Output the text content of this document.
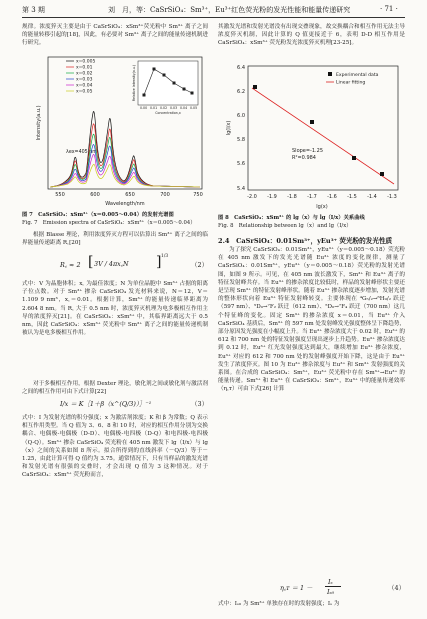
第 3 期	刘　月，等：CaSrSiO₄：Sm³⁺，Eu³⁺红色荧光粉的发光性能和能量传递研究	· 71 ·
规律。浓度猝灭主要是由于 CaSrSiO₄：xSm³⁺荧光粉中 Sm³⁺ 离子之间的能量转移引起的[18]，因此，有必要对 Sm³⁺ 离子之间的能量传递机制进行研究。
550	600	650	700	750
Wavelength/nm
Intensity(a.u.)
λex=405 nm
x=0.005
x=0.01
x=0.02
x=0.03
x=0.04
x=0.05
0.00 0.01 0.02 0.03 0.04 0.05
Concentration,x
Relative Intensity(a.u.)
图 7　CaSrSiO₄：xSm³⁺（x＝0.005～0.04）的发射光谱图
Fig. 7　Emission spectra of CaSrSiO₄：xSm³⁺（x＝0.005～0.04）
根据 Blasse 理论，利用浓度猝灭方程可以估算出 Sm³⁺ 离子之间的临界能量传递距离 R꜀[20]
R꜀ ≈ 2 [ 3V / 4πx꜀N ] 1/3
（2）
式中：V 为晶胞体积；x꜀ 为最佳浓度；N 为单位晶胞中 Sm³⁺ 占据的阳离子位点数。对于 Sm³⁺ 掺杂 CaSrSiO₄ 发光材料来说，N＝12，V＝1.109 9 nm³，x꜀＝0.01。根据计算，Sm³⁺ 的能量传递临界距离为 2.604 8 nm。当 R꜀ 大于 0.5 nm 时，浓度猝灭机理为电多极相互作用主导的浓度猝灭[21]。在 CaSrSiO₄：xSm³⁺ 中，其临界距离远大于 0.5 nm，因此 CaSrSiO₄：xSm³⁺ 荧光粉中 Sm³⁺ 离子之间的能量传递机制被认为是电多极相互作用。
对于多极相互作用，根据 Dexter 理论，敏化剂之间或敏化剂与激活剂之间的相互作用可由下式计算[22]
I/x ＝ K［1＋β（x^(Q/3)）］⁻¹	（3）
式中：I 为发射光谱的积分强度；x 为激活剂浓度；K 和 β 为常数；Q 表示相互作用类型。当 Q 值为 3、6、8 和 10 时，对应的相互作用分别为交换耦合、电偶极-电偶极（D-D）、电偶极-电四极（D-Q）和电四极-电四极（Q-Q）。Sm³⁺ 掺杂 CaSrSiO₄ 荧光粉在 405 nm 激发下 lg（I/x）与 lg（x）之间的关系如图 8 所示。拟合所得到的直线斜率（－Q/3）等于－1.25，由此计算可得 Q 值约为 3.75。通常情况下，只有当样品的激发光谱和发射光谱有很强的交叠时，才会出现 Q 值为 3 这种情况。对于 CaSrSiO₄：xSm³⁺ 荧光粉而言，
其激发光谱和发射光谱没有出现交叠现象，故交换耦合和相互作用无法主导浓度猝灭机制，因此计算的 Q 值更接近于 6，表明 D-D 相互作用是 CaSrSiO₄：xSm³⁺ 荧光粉发光浓度猝灭机理[23-25]。
5.4
5.6
5.8
6.0
6.2
6.4
-2.0 -1.9 -1.8 -1.7 -1.6 -1.5 -1.4 -1.3
lg(x)
lg(I/x)
Slope=-1.25
R²=0.984
Experimental data
Linear fitting
图 8　CaSrSiO₄：xSm³⁺ 的 lg（x）与 lg（I/x）关系曲线
Fig. 8　Relationship between lg（x）and lg（I/x）
2.4　CaSrSiO₄：0.01Sm³⁺，yEu³⁺ 荧光粉的发光性质
为了探究 CaSrSiO₄：0.01Sm³⁺，yEu³⁺（y＝0.005～0.18）荧光粉在 405 nm 激发下的发光光谱随 Eu³⁺ 浓度的变化规律，测量了 CaSrSiO₄：0.01Sm³⁺，yEu³⁺（y＝0.005～0.18）荧光粉的发射光谱图，如图 9 所示。可见，在 405 nm 波长激发下，Sm³⁺ 和 Eu³⁺ 离子的特征发射峰共存。当 Eu³⁺ 的掺杂浓度比较低时，样品的发射峰形状主要还是呈现 Sm³⁺ 的特征发射峰形状。随着 Eu³⁺ 掺杂浓度逐步增加，发射光谱的整体形状向着 Eu³⁺ 特征发射峰转变。主要体现在 ⁴G₅/₂→⁶H₉/₂ 跃迁（597 nm）、⁵D₀→⁷F₂ 跃迁（612 nm）、⁵D₀→⁷F₄ 跃迁（700 nm）这几个特征峰的变化。固定 Sm³⁺ 的掺杂浓度 x＝0.01，当 Eu³⁺ 介入 CaSrSiO₄ 基质后，Sm³⁺ 的 597 nm 处发射峰发光强度整体呈下降趋势，部分原因发光强度在小幅度上升。当 Eu³⁺ 掺杂浓度大于 0.02 时，Eu³⁺ 的 612 和 700 nm 处的特征发射强度呈现出逐步上升趋势。Eu³⁺ 掺杂浓度达到 0.12 时，Eu³⁺ 红光发射强度达到最大，继续增加 Eu³⁺ 掺杂浓度，Eu³⁺ 对应的 612 和 700 nm 处的发射峰强度开始下降，这是由于 Eu³⁺ 发生了浓度猝灭。图 10 为 Eu³⁺ 掺杂浓度与 Eu³⁺ 和 Sm³⁺ 发射强度的关系图。在合成的 CaSrSiO₄：Sm³⁺，Eu³⁺ 荧光粉中存在 Sm³⁺→Eu³⁺ 的能量传递。Sm³⁺ 和 Eu³⁺ 在 CaSrSiO₄：Sm³⁺，Eu³⁺ 中的能量传递效率（η꜀ᴛ）可由下式[26] 计算
η꜀ᴛ ＝ 1 －
Iₛ
Iₛ₀	（4）
式中：Iₛ₀ 为 Sm³⁺ 单独存在时的发射强度；Iₛ 为
